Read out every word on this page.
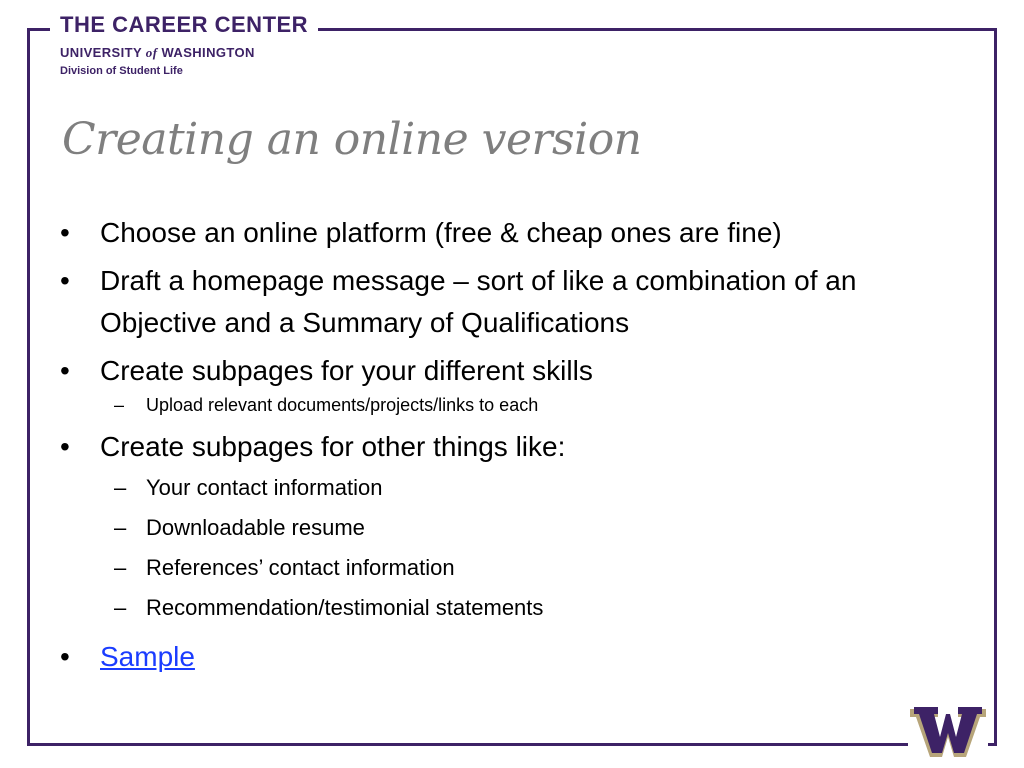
THE CAREER CENTER
UNIVERSITY of WASHINGTON
Division of Student Life
Creating an online version
•	Choose an online platform (free & cheap ones are fine)
•	Draft a homepage message – sort of like a combination of an Objective and a Summary of Qualifications
•	Create subpages for your different skills
– Upload relevant documents/projects/links to each
•	Create subpages for other things like:
– Your contact information
– Downloadable resume
– References’ contact information
– Recommendation/testimonial statements
•	Sample
